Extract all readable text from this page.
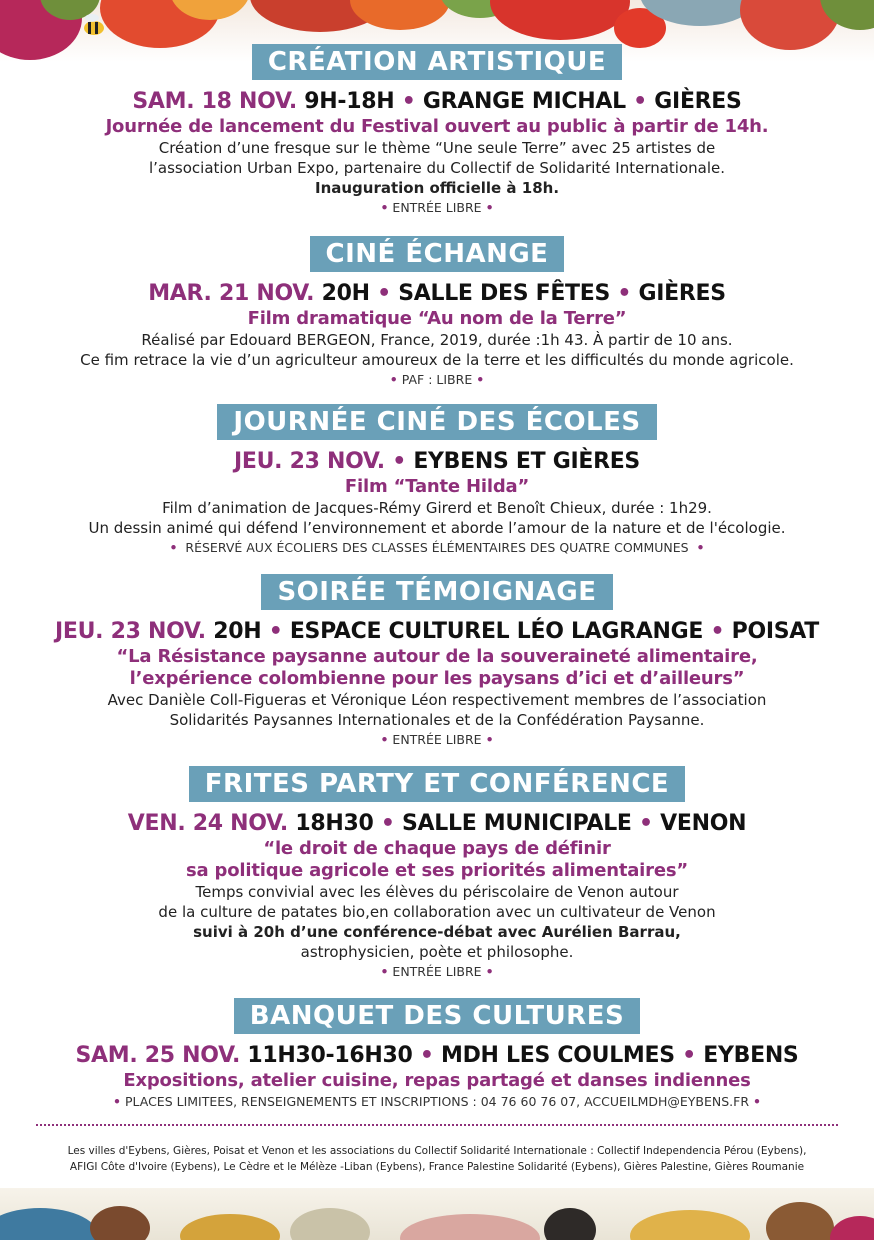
CRÉATION ARTISTIQUE
SAM. 18 NOV. 9H-18H • GRANGE MICHAL • GIÈRES
Journée de lancement du Festival ouvert au public à partir de 14h.
Création d’une fresque sur le thème “Une seule Terre” avec 25 artistes de
l’association Urban Expo, partenaire du Collectif de Solidarité Internationale.
Inauguration officielle à 18h.
• ENTRÉE LIBRE •
CINÉ ÉCHANGE
MAR. 21 NOV. 20H • SALLE DES FÊTES • GIÈRES
Film dramatique “Au nom de la Terre”
Réalisé par Edouard BERGEON, France, 2019, durée :1h 43. À partir de 10 ans.
Ce fim retrace la vie d’un agriculteur amoureux de la terre et les difficultés du monde agricole.
• PAF : LIBRE •
JOURNÉE CINÉ DES ÉCOLES
JEU. 23 NOV. • EYBENS ET GIÈRES
Film “Tante Hilda”
Film d’animation de Jacques-Rémy Girerd et Benoît Chieux, durée : 1h29.
Un dessin animé qui défend l’environnement et aborde l’amour de la nature et de l'écologie.
• RÉSERVÉ AUX ÉCOLIERS DES CLASSES ÉLÉMENTAIRES DES QUATRE COMMUNES •
SOIRÉE TÉMOIGNAGE
JEU. 23 NOV. 20H • ESPACE CULTUREL LÉO LAGRANGE • POISAT
“La Résistance paysanne autour de la souveraineté alimentaire,
l’expérience colombienne pour les paysans d’ici et d’ailleurs”
Avec Danièle Coll-Figueras et Véronique Léon respectivement membres de l’association
Solidarités Paysannes Internationales et de la Confédération Paysanne.
• ENTRÉE LIBRE •
FRITES PARTY ET CONFÉRENCE
VEN. 24 NOV. 18H30 • SALLE MUNICIPALE • VENON
“le droit de chaque pays de définir
sa politique agricole et ses priorités alimentaires”
Temps convivial avec les élèves du périscolaire de Venon autour
de la culture de patates bio,en collaboration avec un cultivateur de Venon
suivi à 20h d’une conférence-débat avec Aurélien Barrau,
astrophysicien, poète et philosophe.
• ENTRÉE LIBRE •
BANQUET DES CULTURES
SAM. 25 NOV. 11H30-16H30 • MDH LES COULMES • EYBENS
Expositions, atelier cuisine, repas partagé et danses indiennes
• PLACES LIMITEES, RENSEIGNEMENTS ET INSCRIPTIONS : 04 76 60 76 07, ACCUEILMDH@EYBENS.FR •
Les villes d'Eybens, Gières, Poisat et Venon et les associations du Collectif Solidarité Internationale : Collectif Independencia Pérou (Eybens),
AFIGI Côte d'Ivoire (Eybens), Le Cèdre et le Mélèze -Liban (Eybens), France Palestine Solidarité (Eybens), Gières Palestine, Gières Roumanie
